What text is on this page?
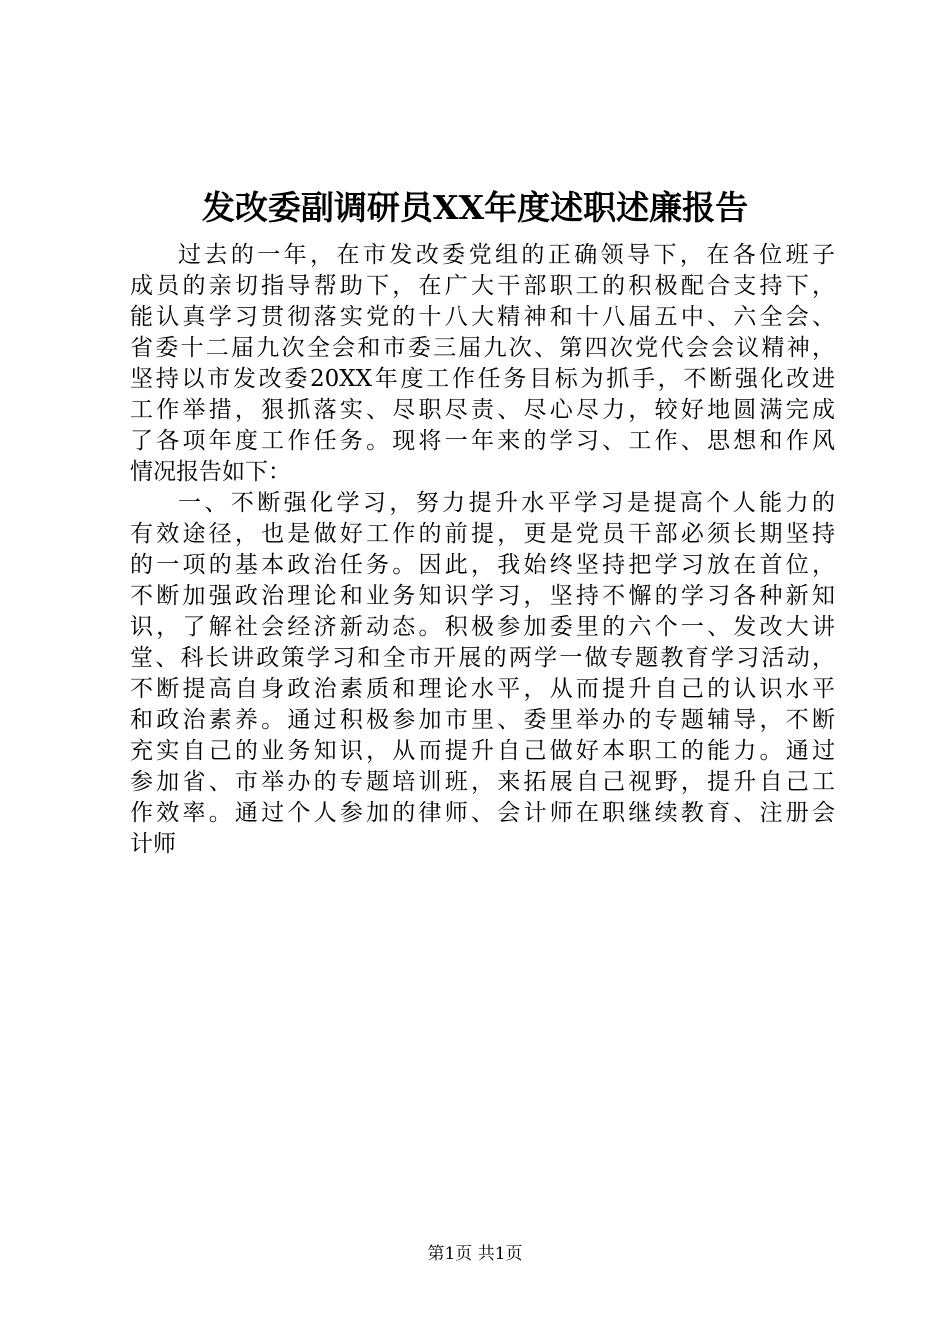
发改委副调研员XX年度述职述廉报告
过去的一年，在市发改委党组的正确领导下，在各位班子
成员的亲切指导帮助下，在广大干部职工的积极配合支持下，
能认真学习贯彻落实党的十八大精神和十八届五中、六全会、
省委十二届九次全会和市委三届九次、第四次党代会会议精神，
坚持以市发改委20XX年度工作任务目标为抓手，不断强化改进
工作举措，狠抓落实、尽职尽责、尽心尽力，较好地圆满完成
了各项年度工作任务。现将一年来的学习、工作、思想和作风
情况报告如下：
一、不断强化学习，努力提升水平学习是提高个人能力的
有效途径，也是做好工作的前提，更是党员干部必须长期坚持
的一项的基本政治任务。因此，我始终坚持把学习放在首位，
不断加强政治理论和业务知识学习，坚持不懈的学习各种新知
识，了解社会经济新动态。积极参加委里的六个一、发改大讲
堂、科长讲政策学习和全市开展的两学一做专题教育学习活动，
不断提高自身政治素质和理论水平，从而提升自己的认识水平
和政治素养。通过积极参加市里、委里举办的专题辅导，不断
充实自己的业务知识，从而提升自己做好本职工的能力。通过
参加省、市举办的专题培训班，来拓展自己视野，提升自己工
作效率。通过个人参加的律师、会计师在职继续教育、注册会
计师
第1页 共1页
